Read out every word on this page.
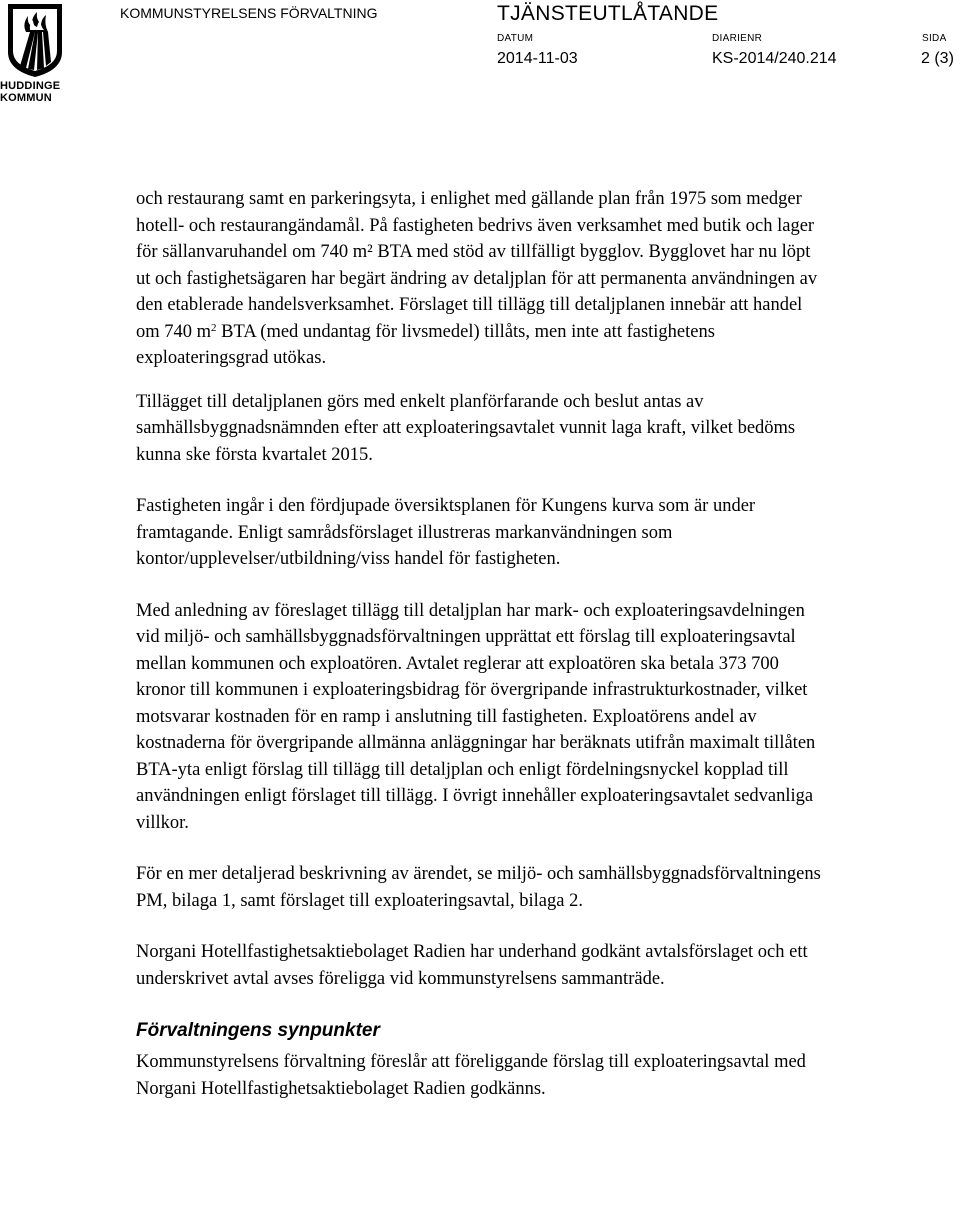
HUDDINGE
KOMMUN
KOMMUNSTYRELSENS FÖRVALTNING	TJÄNSTEUTLÅTANDE
DATUM
2014-11-03
DIARIENR
KS-2014/240.214
SIDA
2 (3)

och restaurang samt en parkeringsyta, i enlighet med gällande plan från 1975 som medger hotell- och restaurangändamål. På fastigheten bedrivs även verksamhet med butik och lager för sällanvaruhandel om 740 m² BTA med stöd av tillfälligt bygglov. Bygglovet har nu löpt ut och fastighetsägaren har begärt ändring av detaljplan för att permanenta användningen av den etablerade handelsverksamhet. Förslaget till tillägg till detaljplanen innebär att handel om 740 $m^2$ BTA (med undantag för livsmedel) tillåts, men inte att fastighetens exploateringsgrad utökas.

Tillägget till detaljplanen görs med enkelt planförfarande och beslut antas av samhällsbyggnadsnämnden efter att exploateringsavtalet vunnit laga kraft, vilket bedöms kunna ske första kvartalet 2015.

Fastigheten ingår i den fördjupade översiktsplanen för Kungens kurva som är under framtagande. Enligt samrådsförslaget illustreras markanvändningen som kontor/upplevelser/utbildning/viss handel för fastigheten.

Med anledning av föreslaget tillägg till detaljplan har mark- och exploateringsavdelningen vid miljö- och samhällsbyggnadsförvaltningen upprättat ett förslag till exploateringsavtal mellan kommunen och exploatören. Avtalet reglerar att exploatören ska betala 373 700 kronor till kommunen i exploateringsbidrag för övergripande infrastrukturkostnader, vilket motsvarar kostnaden för en ramp i anslutning till fastigheten. Exploatörens andel av kostnaderna för övergripande allmänna anläggningar har beräknats utifrån maximalt tillåten BTA-yta enligt förslag till tillägg till detaljplan och enligt fördelningsnyckel kopplad till användningen enligt förslaget till tillägg. I övrigt innehåller exploateringsavtalet sedvanliga villkor.

För en mer detaljerad beskrivning av ärendet, se miljö- och samhällsbyggnadsförvaltningens PM, bilaga 1, samt förslaget till exploateringsavtal, bilaga 2.

Norgani Hotellfastighetsaktiebolaget Radien har underhand godkänt avtalsförslaget och ett underskrivet avtal avses föreligga vid kommunstyrelsens sammanträde.

Förvaltningens synpunkter

Kommunstyrelsens förvaltning föreslår att föreliggande förslag till exploateringsavtal med Norgani Hotellfastighetsaktiebolaget Radien godkänns.
